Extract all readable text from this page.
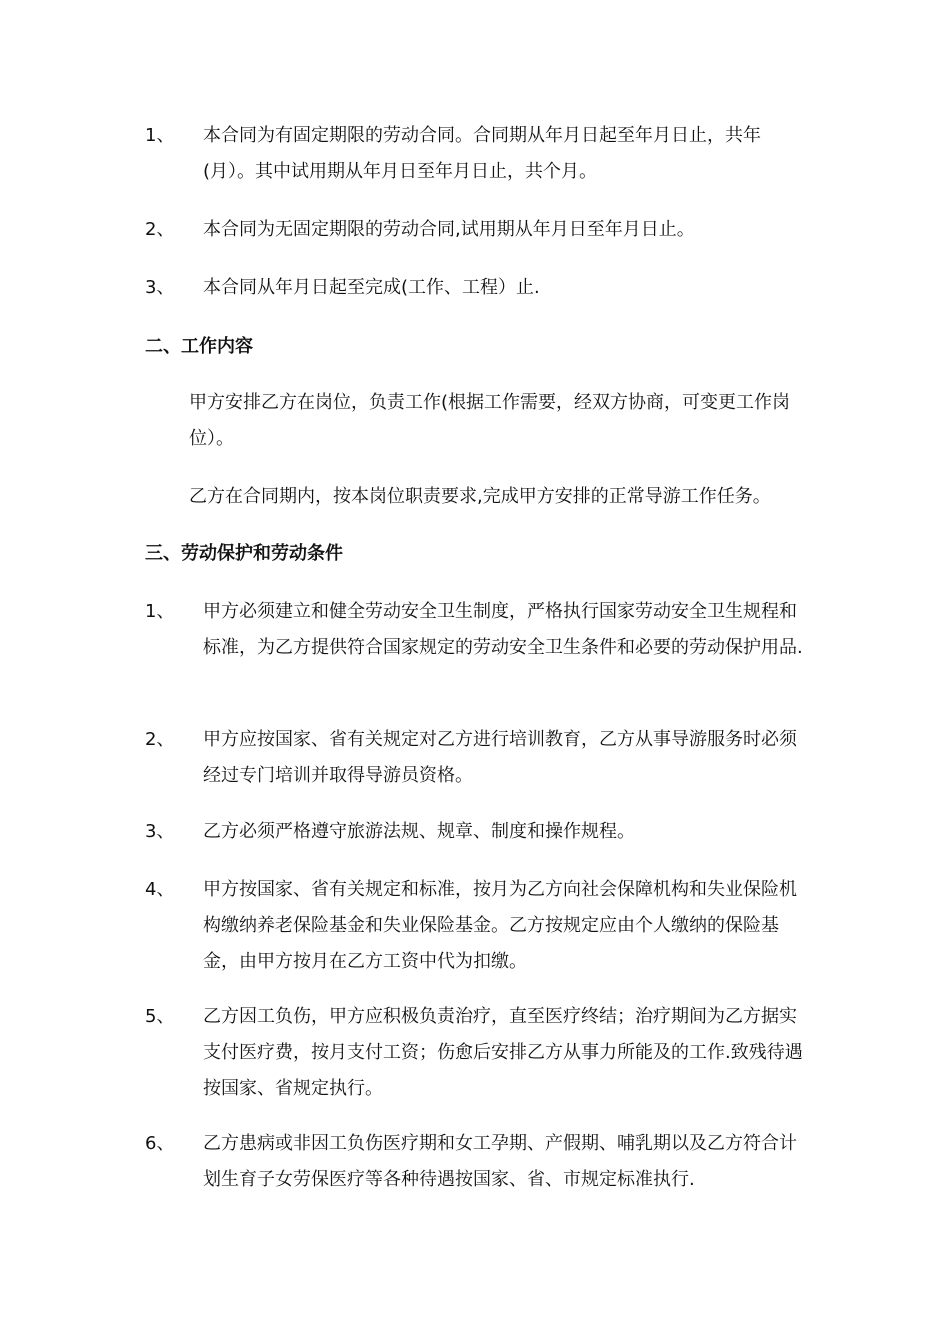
1、	本合同为有固定期限的劳动合同。合同期从年月日起至年月日止，共年(月）。其中试用期从年月日至年月日止，共个月。
2、	本合同为无固定期限的劳动合同,试用期从年月日至年月日止。
3、	本合同从年月日起至完成(工作、工程）止.
二、工作内容
甲方安排乙方在岗位，负责工作(根据工作需要，经双方协商，可变更工作岗位）。
乙方在合同期内，按本岗位职责要求,完成甲方安排的正常导游工作任务。
三、劳动保护和劳动条件
1、	甲方必须建立和健全劳动安全卫生制度，严格执行国家劳动安全卫生规程和标准，为乙方提供符合国家规定的劳动安全卫生条件和必要的劳动保护用品.
2、	甲方应按国家、省有关规定对乙方进行培训教育，乙方从事导游服务时必须经过专门培训并取得导游员资格。
3、	乙方必须严格遵守旅游法规、规章、制度和操作规程。
4、	甲方按国家、省有关规定和标准，按月为乙方向社会保障机构和失业保险机构缴纳养老保险基金和失业保险基金。乙方按规定应由个人缴纳的保险基金，由甲方按月在乙方工资中代为扣缴。
5、	乙方因工负伤，甲方应积极负责治疗，直至医疗终结；治疗期间为乙方据实支付医疗费，按月支付工资；伤愈后安排乙方从事力所能及的工作.致残待遇按国家、省规定执行。
6、	乙方患病或非因工负伤医疗期和女工孕期、产假期、哺乳期以及乙方符合计划生育子女劳保医疗等各种待遇按国家、省、市规定标准执行.
